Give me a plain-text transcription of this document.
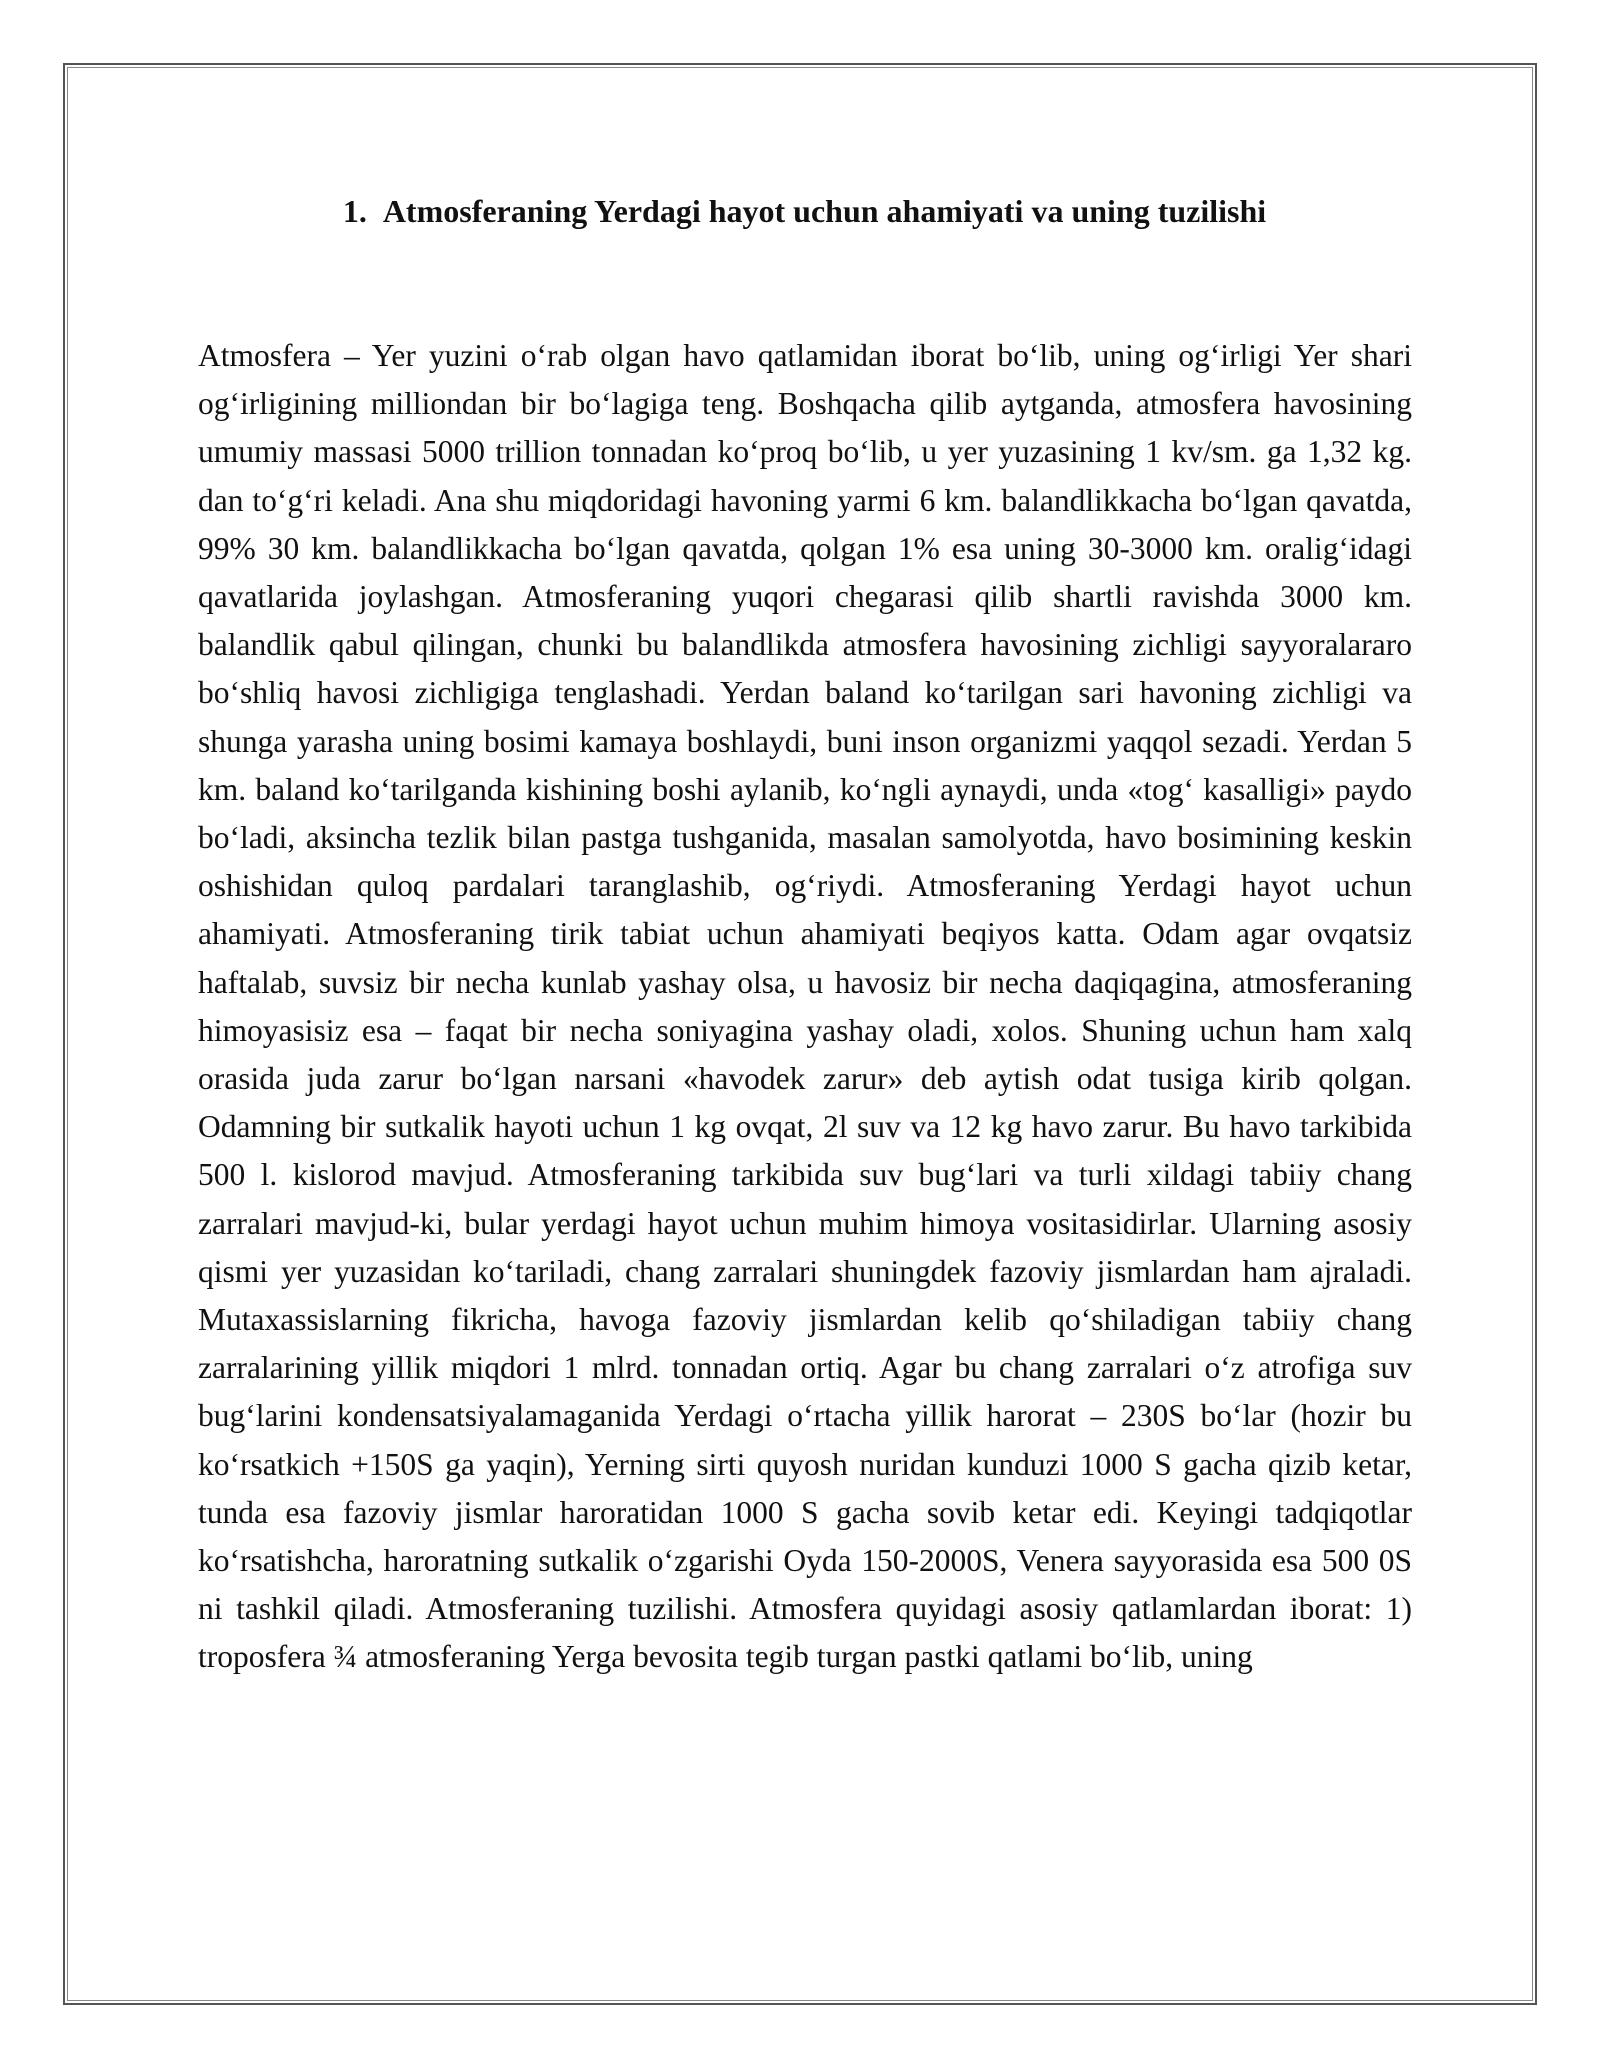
1. Atmosferaning Yerdagi hayot uchun ahamiyati va uning tuzilishi

Atmosfera – Yer yuzini oʻrab olgan havo qatlamidan iborat boʻlib, uning ogʻirligi Yer shari ogʻirligining milliondan bir boʻlagiga teng. Boshqacha qilib aytganda, atmosfera havosining umumiy massasi 5000 trillion tonnadan koʻproq boʻlib, u yer yuzasining 1 kv/sm. ga 1,32 kg. dan toʻgʻri keladi. Ana shu miqdoridagi havoning yarmi 6 km. balandlikkacha boʻlgan qavatda, 99% 30 km. balandlikkacha boʻlgan qavatda, qolgan 1% esa uning 30-3000 km. oraligʻidagi qavatlarida joylashgan. Atmosferaning yuqori chegarasi qilib shartli ravishda 3000 km. balandlik qabul qilingan, chunki bu balandlikda atmosfera havosining zichligi sayyoralararo boʻshliq havosi zichligiga tenglashadi. Yerdan baland koʻtarilgan sari havoning zichligi va shunga yarasha uning bosimi kamaya boshlaydi, buni inson organizmi yaqqol sezadi. Yerdan 5 km. baland koʻtarilganda kishining boshi aylanib, koʻngli aynaydi, unda «togʻ kasalligi» paydo boʻladi, aksincha tezlik bilan pastga tushganida, masalan samolyotda, havo bosimining keskin oshishidan quloq pardalari taranglashib, ogʻriydi. Atmosferaning Yerdagi hayot uchun ahamiyati. Atmosferaning tirik tabiat uchun ahamiyati beqiyos katta. Odam agar ovqatsiz haftalab, suvsiz bir necha kunlab yashay olsa, u havosiz bir necha daqiqagina, atmosferaning himoyasisiz esa – faqat bir necha soniyagina yashay oladi, xolos. Shuning uchun ham xalq orasida juda zarur boʻlgan narsani «havodek zarur» deb aytish odat tusiga kirib qolgan. Odamning bir sutkalik hayoti uchun 1 kg ovqat, 2l suv va 12 kg havo zarur. Bu havo tarkibida 500 l. kislorod mavjud. Atmosferaning tarkibida suv bugʻlari va turli xildagi tabiiy chang zarralari mavjud-ki, bular yerdagi hayot uchun muhim himoya vositasidirlar. Ularning asosiy qismi yer yuzasidan koʻtariladi, chang zarralari shuningdek fazoviy jismlardan ham ajraladi. Mutaxassislarning fikricha, havoga fazoviy jismlardan kelib qoʻshiladigan tabiiy chang zarralarining yillik miqdori 1 mlrd. tonnadan ortiq. Agar bu chang zarralari oʻz atrofiga suv bugʻlarini kondensatsiyalamaganida Yerdagi oʻrtacha yillik harorat – 230S boʻlar (hozir bu koʻrsatkich +150S ga yaqin), Yerning sirti quyosh nuridan kunduzi 1000 S gacha qizib ketar, tunda esa fazoviy jismlar haroratidan 1000 S gacha sovib ketar edi. Keyingi tadqiqotlar koʻrsatishcha, haroratning sutkalik oʻzgarishi Oyda 150-2000S, Venera sayyorasida esa 500 0S ni tashkil qiladi. Atmosferaning tuzilishi. Atmosfera quyidagi asosiy qatlamlardan iborat: 1) troposfera ¾ atmosferaning Yerga bevosita tegib turgan pastki qatlami boʻlib, uning
